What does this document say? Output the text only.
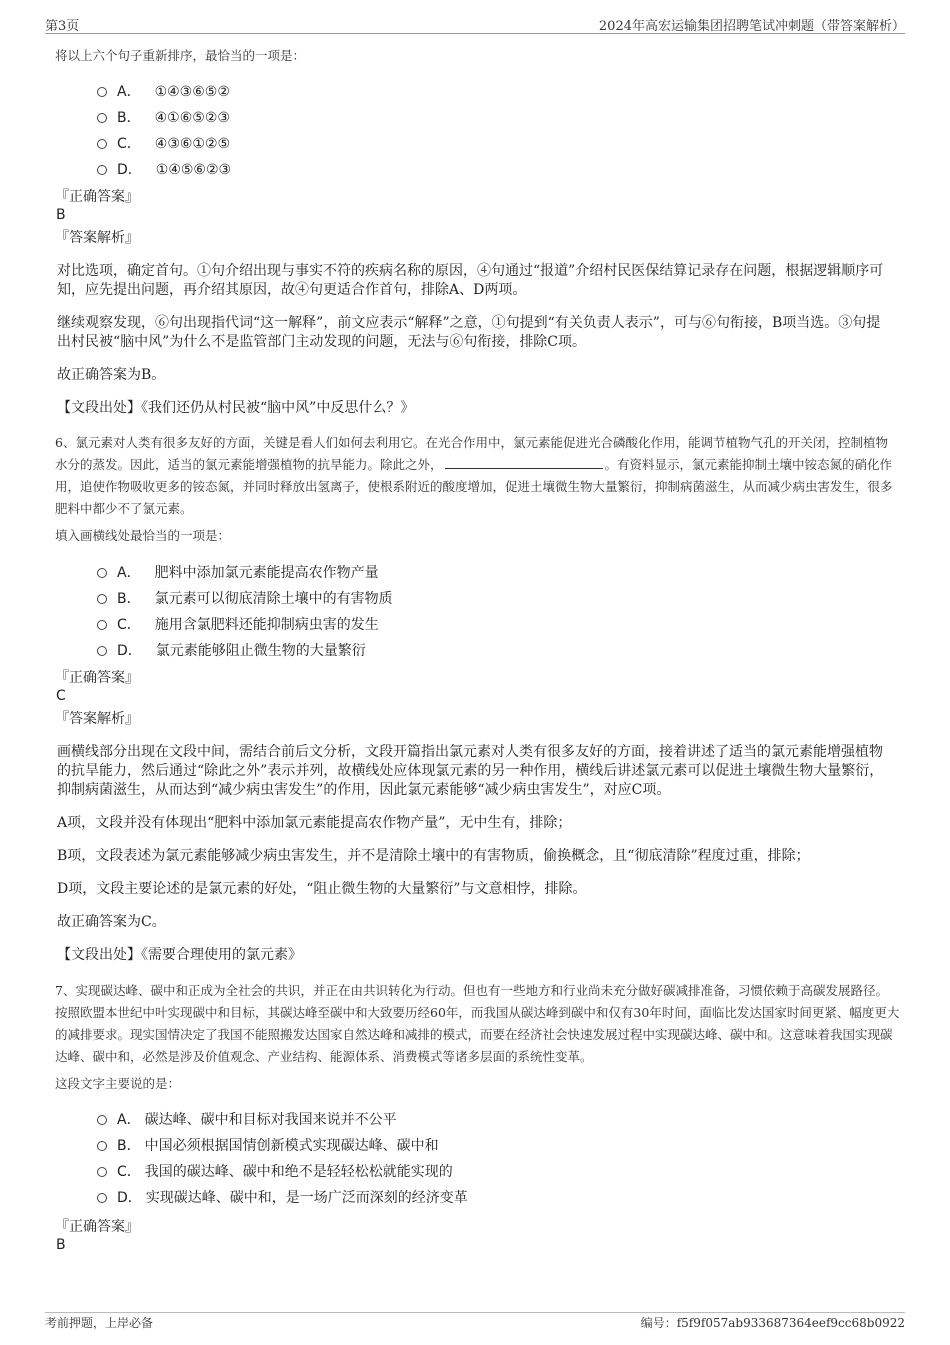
第3页	2024年高宏运输集团招聘笔试冲刺题（带答案解析）
将以上六个句子重新排序，最恰当的一项是：
A． ①④③⑥⑤②
B． ④①⑥⑤②③
C． ④③⑥①②⑤
D． ①④⑤⑥②③
『正确答案』
B
『答案解析』
对比选项，确定首句。①句介绍出现与事实不符的疾病名称的原因，④句通过“报道”介绍村民医保结算记录存在问题，根据逻辑顺序可知，应先提出问题，再介绍其原因，故④句更适合作首句，排除A、D两项。
继续观察发现，⑥句出现指代词“这一解释”，前文应表示“解释”之意，①句提到“有关负责人表示”，可与⑥句衔接，B项当选。③句提出村民被“脑中风”为什么不是监管部门主动发现的问题，无法与⑥句衔接，排除C项。
故正确答案为B。
【文段出处】《我们还仍从村民被“脑中风”中反思什么？》
6、氯元素对人类有很多友好的方面，关键是看人们如何去利用它。在光合作用中，氯元素能促进光合磷酸化作用，能调节植物气孔的开关闭，控制植物水分的蒸发。因此，适当的氯元素能增强植物的抗旱能力。除此之外，	。有资料显示，氯元素能抑制土壤中铵态氮的硝化作用，追使作物吸收更多的铵态氮，并同时释放出氢离子，使根系附近的酸度增加，促进土壤微生物大量繁衍，抑制病菌滋生，从而减少病虫害发生，很多肥料中都少不了氯元素。
填入画横线处最恰当的一项是：
A． 肥料中添加氯元素能提高农作物产量
B． 氯元素可以彻底清除土壤中的有害物质
C． 施用含氯肥料还能抑制病虫害的发生
D． 氯元素能够阻止微生物的大量繁衍
『正确答案』
C
『答案解析』
画横线部分出现在文段中间，需结合前后文分析，文段开篇指出氯元素对人类有很多友好的方面，接着讲述了适当的氯元素能增强植物的抗旱能力，然后通过“除此之外”表示并列，故横线处应体现氯元素的另一种作用，横线后讲述氯元素可以促进土壤微生物大量繁衍，抑制病菌滋生，从而达到“减少病虫害发生”的作用，因此氯元素能够“减少病虫害发生”，对应C项。
A项，文段并没有体现出“肥料中添加氯元素能提高农作物产量”，无中生有，排除；
B项，文段表述为氯元素能够减少病虫害发生，并不是清除土壤中的有害物质，偷换概念，且“彻底清除”程度过重，排除；
D项，文段主要论述的是氯元素的好处，“阻止微生物的大量繁衍”与文意相悖，排除。
故正确答案为C。
【文段出处】《需要合理使用的氯元素》
7、实现碳达峰、碳中和正成为全社会的共识，并正在由共识转化为行动。但也有一些地方和行业尚未充分做好碳减排准备，习惯依赖于高碳发展路径。按照欧盟本世纪中叶实现碳中和目标，其碳达峰至碳中和大致要历经60年，而我国从碳达峰到碳中和仅有30年时间，面临比发达国家时间更紧、幅度更大的减排要求。现实国情决定了我国不能照搬发达国家自然达峰和减排的模式，而要在经济社会快速发展过程中实现碳达峰、碳中和。这意味着我国实现碳达峰、碳中和，必然是涉及价值观念、产业结构、能源体系、消费模式等诸多层面的系统性变革。
这段文字主要说的是：
A． 碳达峰、碳中和目标对我国来说并不公平
B． 中国必须根据国情创新模式实现碳达峰、碳中和
C． 我国的碳达峰、碳中和绝不是轻轻松松就能实现的
D． 实现碳达峰、碳中和，是一场广泛而深刻的经济变革
『正确答案』
B
考前押题，上岸必备	编号：f5f9f057ab933687364eef9cc68b0922
